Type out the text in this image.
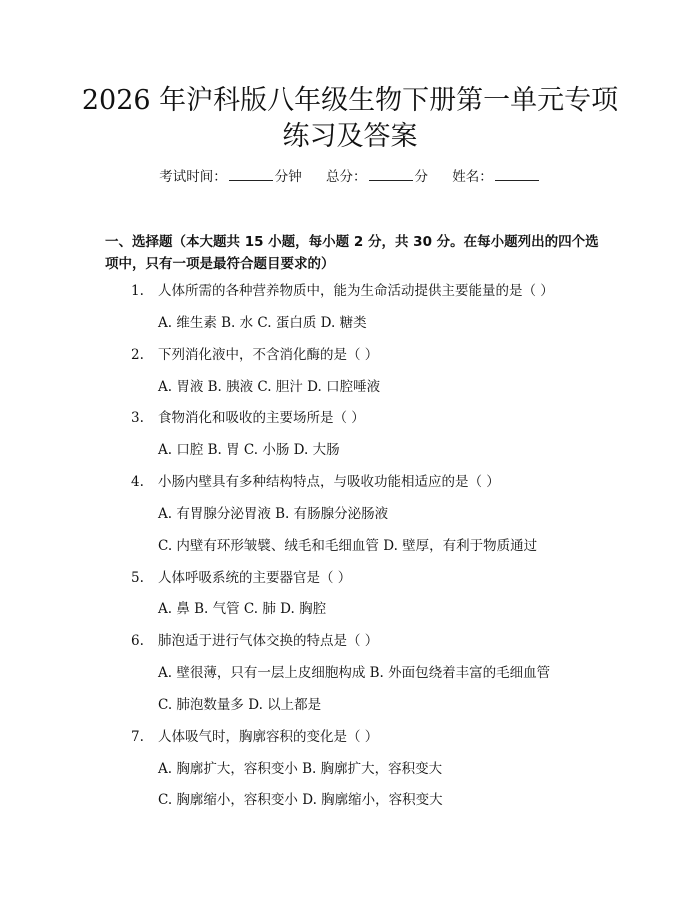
2026 年沪科版八年级生物下册第一单元专项
练习及答案
考试时间：	分钟 总分：	分 姓名：
一、选择题（本大题共 15 小题，每小题 2 分，共 30 分。在每小题列出的四个选
项中，只有一项是最符合题目要求的）
1. 人体所需的各种营养物质中，能为生命活动提供主要能量的是（ ）
A. 维生素 B. 水 C. 蛋白质 D. 糖类
2. 下列消化液中，不含消化酶的是（ ）
A. 胃液 B. 胰液 C. 胆汁 D. 口腔唾液
3. 食物消化和吸收的主要场所是（ ）
A. 口腔 B. 胃 C. 小肠 D. 大肠
4. 小肠内壁具有多种结构特点，与吸收功能相适应的是（ ）
A. 有胃腺分泌胃液 B. 有肠腺分泌肠液
C. 内壁有环形皱襞、绒毛和毛细血管 D. 壁厚，有利于物质通过
5. 人体呼吸系统的主要器官是（ ）
A. 鼻 B. 气管 C. 肺 D. 胸腔
6. 肺泡适于进行气体交换的特点是（ ）
A. 壁很薄，只有一层上皮细胞构成 B. 外面包绕着丰富的毛细血管
C. 肺泡数量多 D. 以上都是
7. 人体吸气时，胸廓容积的变化是（ ）
A. 胸廓扩大，容积变小 B. 胸廓扩大，容积变大
C. 胸廓缩小，容积变小 D. 胸廓缩小，容积变大
